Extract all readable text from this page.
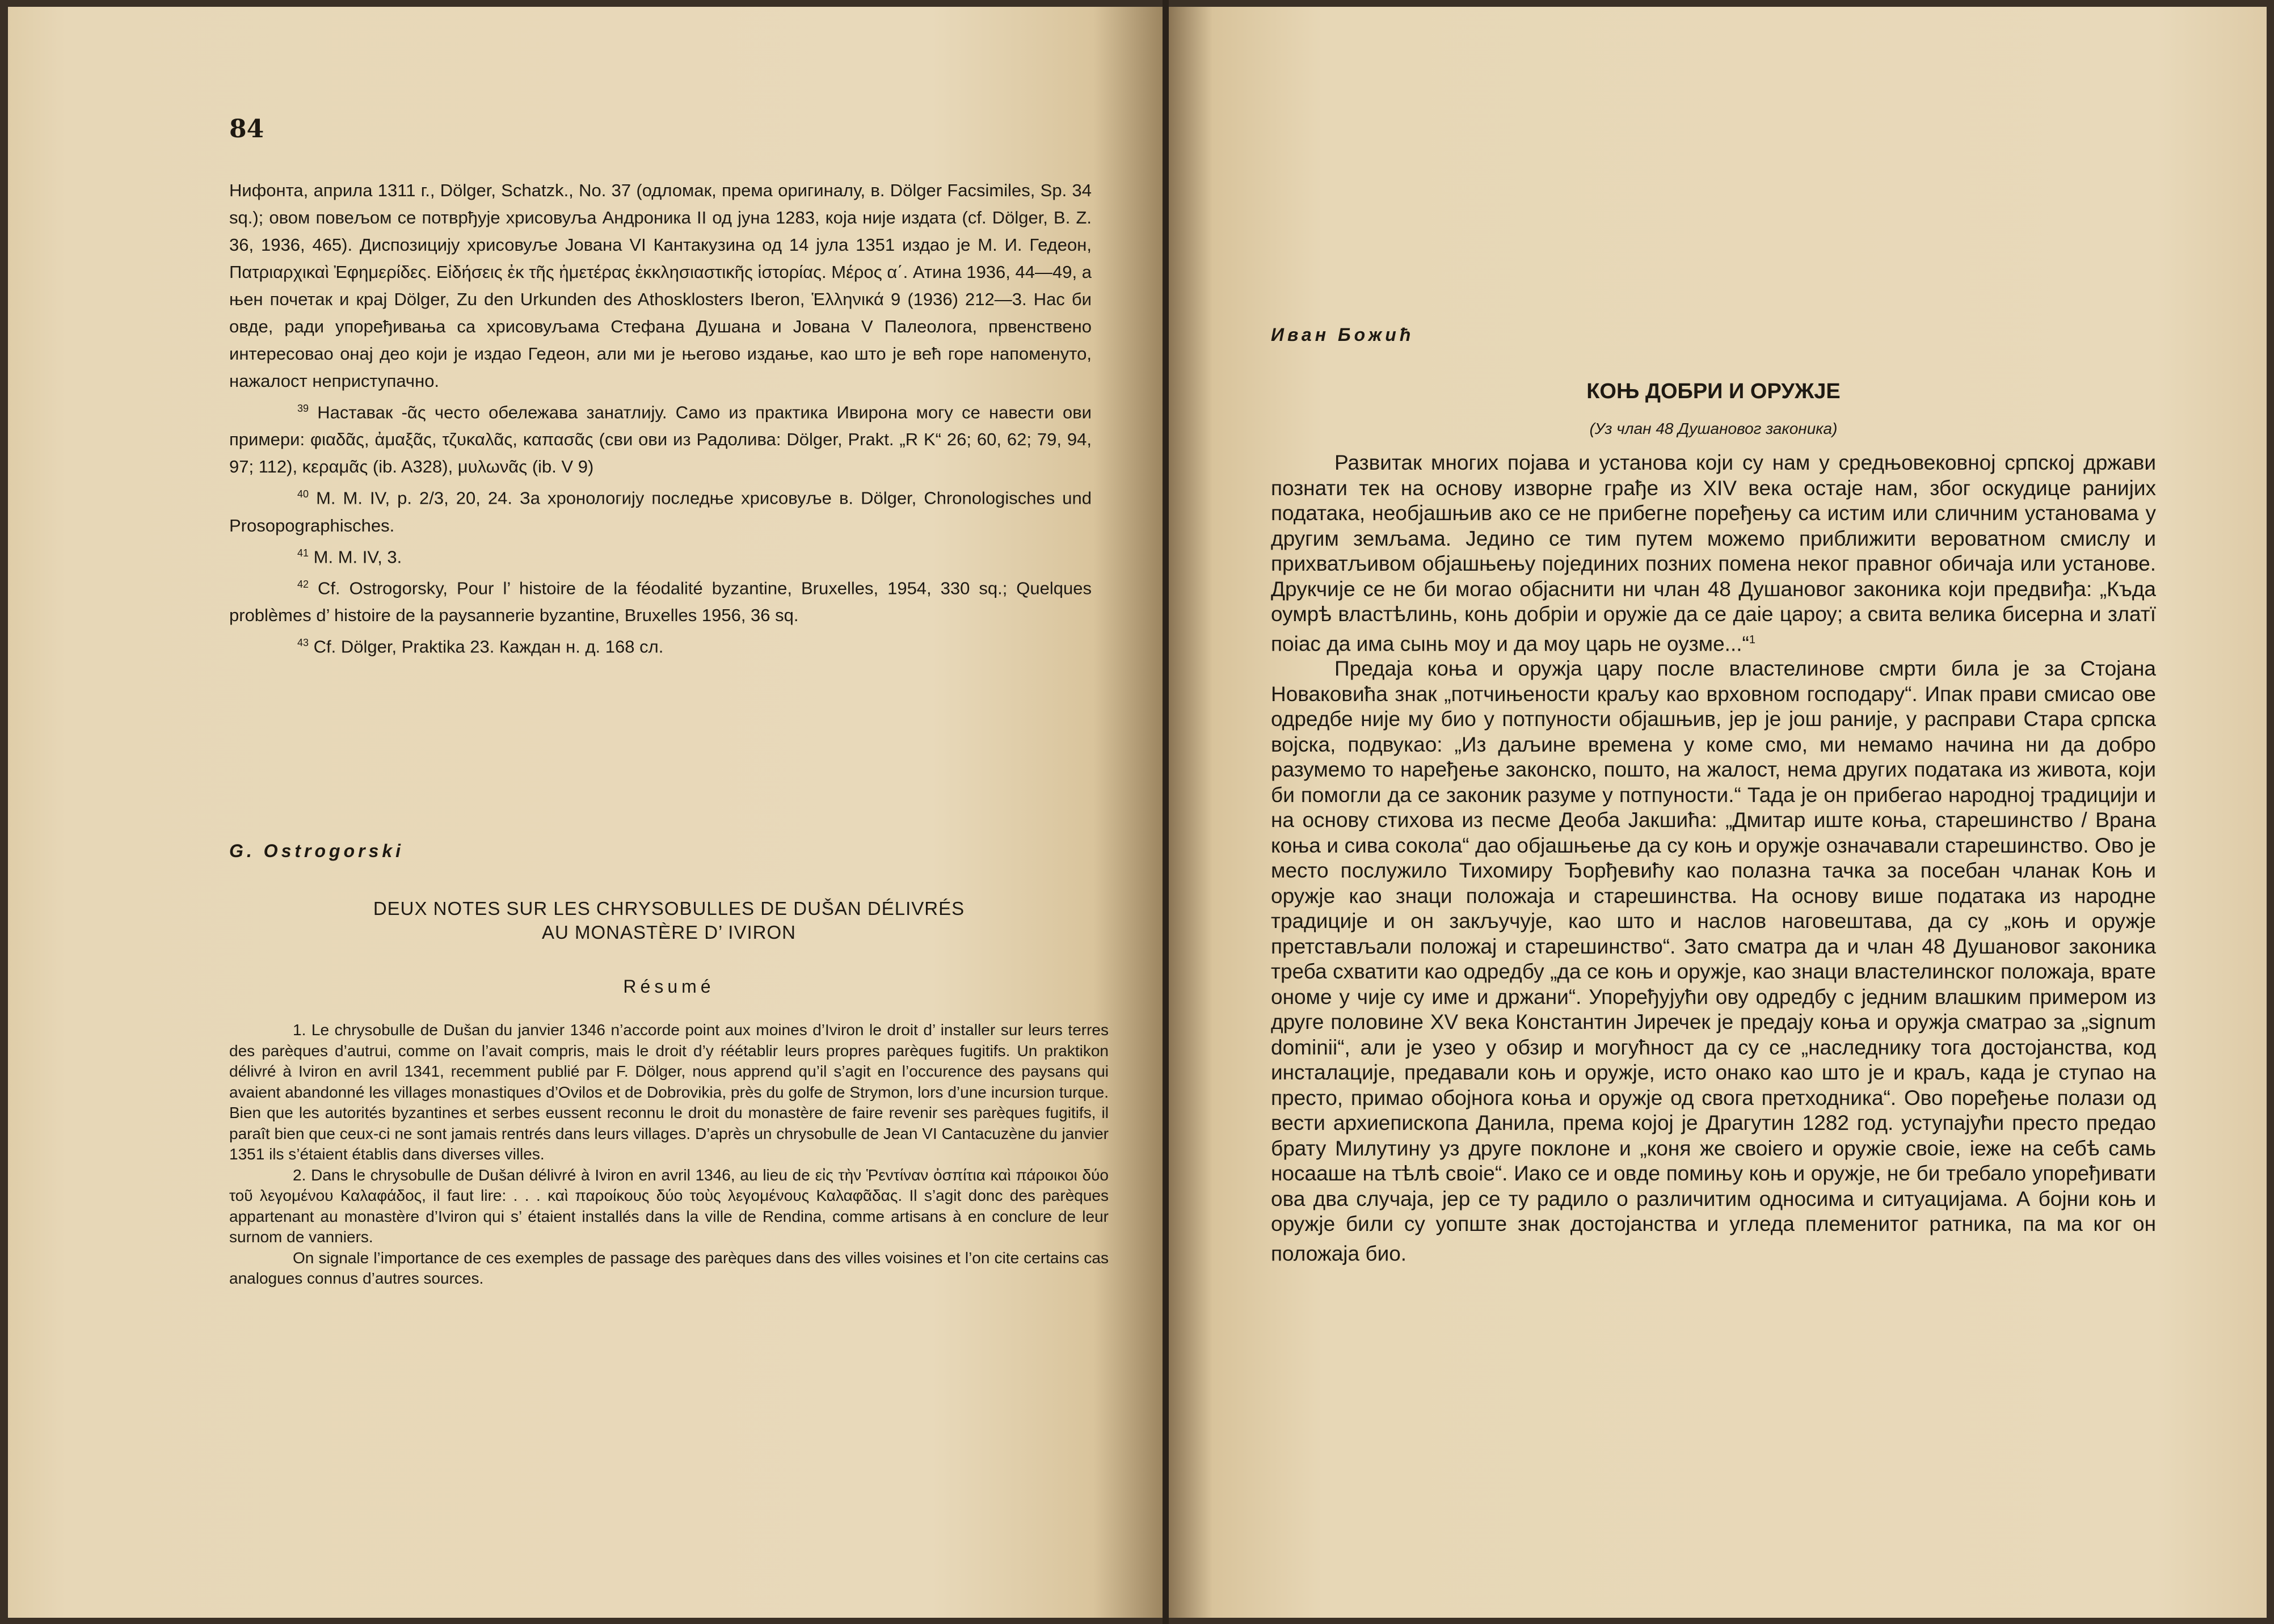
84

Нифонта, априла 1311 г., Dölger, Schatzk., No. 37 (одломак, према оригиналу, в. Dölger Facsimiles, Sp. 34 sq.); овом повељом се потврђује хрисовуља Андроника II од јуна 1283, која није издата (cf. Dölger, B. Z. 36, 1936, 465). Диспозицију хрисовуље Јована VI Кантакузина од 14 јула 1351 издао је М. И. Гедеон, Πατριαρχικαὶ Ἐφημερίδες. Εἰδήσεις ἐκ τῆς ἡμετέρας ἐκκλησιαστικῆς ἱστορίας. Μέρος α΄. Атина 1936, 44—49, а њен почетак и крај Dölger, Zu den Urkunden des Athosklosters Iberon, Ἑλληνικά 9 (1936) 212—3. Нас би овде, ради упоређивања са хрисовуљама Стефана Душана и Јована V Палеолога, првенствено интересовао онај део који је издао Гедеон, али ми је његово издање, као што је већ горе напоменуто, нажалост неприступачно.

$^{39}$ Наставак -ᾶς често обележава занатлију. Само из практика Ивирона могу се навести ови примери: φιαδᾶς, ἀμαξᾶς, τζυκαλᾶς, καπασᾶς (сви ови из Радолива: Dölger, Prakt. „R K“ 26; 60, 62; 79, 94, 97; 112), κεραμᾶς (ib. A328), μυλωνᾶς (ib. V 9)

$^{40}$ M. M. IV, p. 2/3, 20, 24. За хронологију последње хрисовуље в. Dölger, Chronologisches und Prosopographisches.

$^{41}$ M. M. IV, 3.

$^{42}$ Cf. Ostrogorsky, Pour l’ histoire de la féodalité byzantine, Bruxelles, 1954, 330 sq.; Quelques problèmes d’ histoire de la paysannerie byzantine, Bruxelles 1956, 36 sq.

$^{43}$ Cf. Dölger, Praktika 23. Каждан н. д. 168 сл.

G. Ostrogorski

DEUX NOTES SUR LES CHRYSOBULLES DE DUŠAN DÉLIVRÉS
AU MONASTÈRE D’ IVIRON

Résumé

1. Le chrysobulle de Dušan du janvier 1346 n’accorde point aux moines d’Iviron le droit d’ installer sur leurs terres des parèques d’autrui, comme on l’avait compris, mais le droit d’y réétablir leurs propres parèques fugitifs. Un praktikon délivré à Iviron en avril 1341, recemment publié par F. Dölger, nous apprend qu’il s’agit en l’occurence des paysans qui avaient abandonné les villages monastiques d’Ovilos et de Dobrovikia, près du golfe de Strymon, lors d’une incursion turque. Bien que les autorités byzantines et serbes eussent reconnu le droit du monastère de faire revenir ses parèques fugitifs, il paraît bien que ceux-ci ne sont jamais rentrés dans leurs villages. D’après un chrysobulle de Jean VI Cantacuzène du janvier 1351 ils s’étaient établis dans diverses villes.

2. Dans le chrysobulle de Dušan délivré à Iviron en avril 1346, au lieu de εἰς τὴν Ῥεντίναν ὀσπίτια καὶ πάροικοι δύο τοῦ λεγομένου Καλαφάδος, il faut lire: . . . καὶ παροίκους δύο τοὺς λεγομένους Καλαφᾶδας. Il s’agit donc des parèques appartenant au monastère d’Iviron qui s’ étaient installés dans la ville de Rendina, comme artisans à en conclure de leur surnom de vanniers.

On signale l’importance de ces exemples de passage des parèques dans des villes voisines et l’on cite certains cas analogues connus d’autres sources.

Иван Божић

КОЊ ДОБРИ И ОРУЖЈЕ

(Уз члан 48 Душановог законика)

Развитак многих појава и установа који су нам у средњовековној српској држави познати тек на основу изворне грађе из XIV века остаје нам, због оскудице ранијих података, необјашњив ако се не прибегне поређењу са истим или сличним установама у другим земљама. Једино се тим путем можемо приближити вероватном смислу и прихватљивом објашњењу појединих позних помена неког правног обичаја или установе. Друкчије се не би могао објаснити ни члан 48 Душановог законика који предвиђа: „Къда оумрѣ властѣлинь, конь добріи и оружіе да се даіе цароу; а свита велика бисерна и златї поіас да има сынь моу и да моу царь не оузме...“$^1$

Предаја коња и оружја цару после властелинове смрти била је за Стојана Новаковића знак „потчињености краљу као врховном господару“. Ипак прави смисао ове одредбе није му био у потпуности објашњив, јер је још раније, у расправи Стара српска војска, подвукао: „Из даљине времена у коме смо, ми немамо начина ни да добро разумемо то наређење законско, пошто, на жалост, нема других података из живота, који би помогли да се законик разуме у потпуности.“ Тада је он прибегао народној традицији и на основу стихова из песме Деоба Јакшића: „Дмитар иште коња, старешинство / Врана коња и сива сокола“ дао објашњење да су коњ и оружје означавали старешинство. Ово је место послужило Тихомиру Ђорђевићу као полазна тачка за посебан чланак Коњ и оружје као знаци положаја и старешинства. На основу више података из народне традиције и он закључује, као што и наслов наговештава, да су „коњ и оружје претстављали положај и старешинство“. Зато смaтра да и члан 48 Душановог законика треба схватити као одредбу „да се коњ и оружје, као знаци властелинског положаја, врате ономе у чије су име и држани“. Упоређујући ову одредбу с једним влашким примером из друге половине XV века Константин Јиречек је предају коња и оружја сматрао за „signum dominii“, али је узео у обзир и могућност да су се „наследнику тога достојанства, код инсталације, предавали коњ и оружје, исто онако као што је и краљ, када је ступао на престо, примао обојнога коња и оружје од свога претходника“. Ово поређење полази од вести архиепископа Данила, према којој је Драгутин 1282 год. уступајући престо предао брату Милутину уз друге поклоне и „коня же своіего и оружіе своіе, іеже на себѣ самь носааше на тѣлѣ своіе“. Иако се и овде помињу коњ и оружје, не би требало упоређивати ова два случаја, јер се ту радило о различитим односима и ситуацијама. А бојни коњ и оружје били су уопште знак достојанства и угледа племенитог ратника, па ма ког он положаја био.
